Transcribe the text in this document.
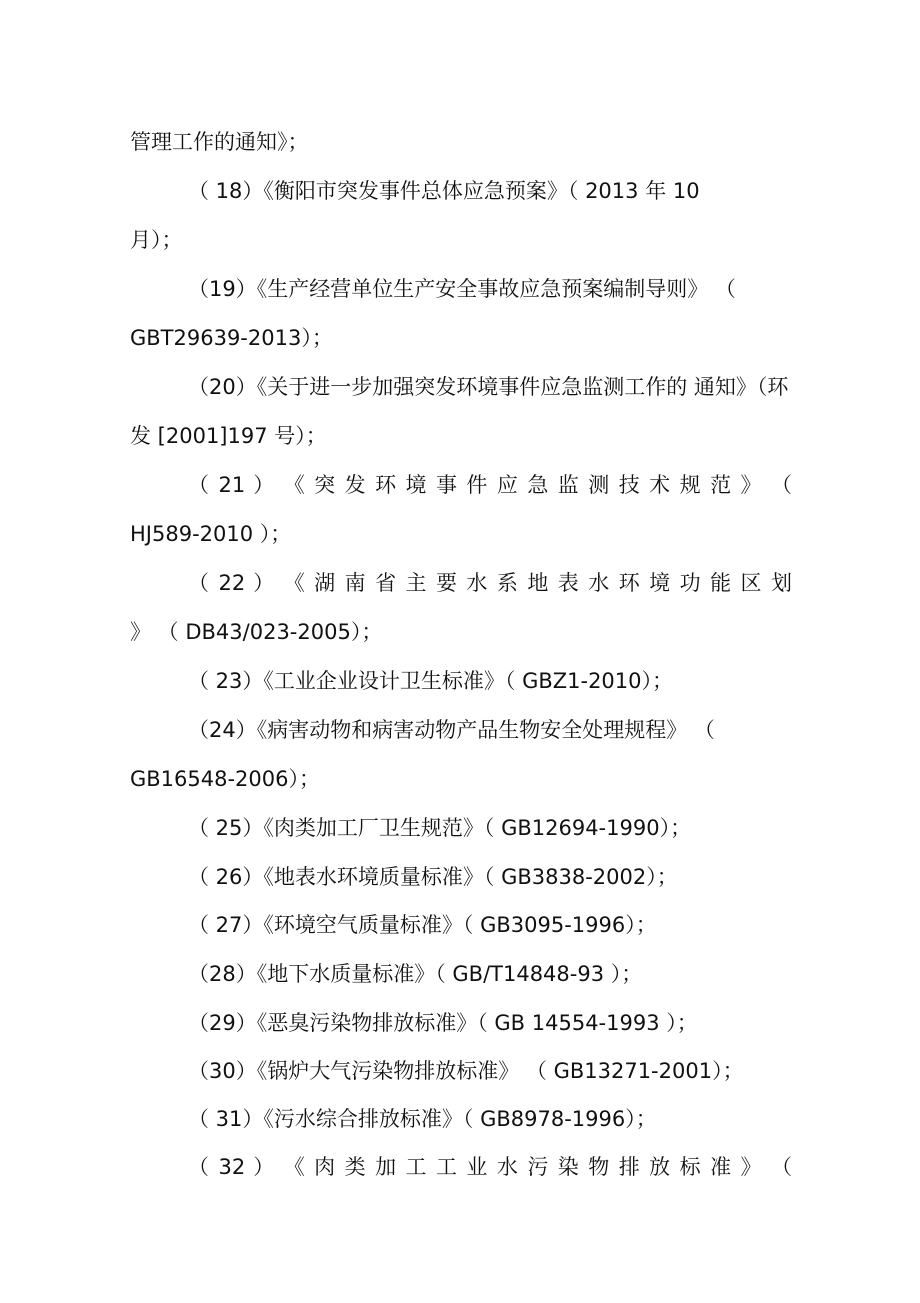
管理工作的通知》；
（ 18）《衡阳市突发事件总体应急预案》（ 2013 年 10
月）；
（19）《生产经营单位生产安全事故应急预案编制导则》 （
GBT29639-2013）；
（20）《关于进一步加强突发环境事件应急监测工作的 通知》（环
发 [2001]197 号）；
（ 21 ） 《 突 发 环 境 事 件 应 急 监 测 技 术 规 范 》 （
HJ589-2010 ）；
（ 22 ） 《 湖 南 省 主 要 水 系 地 表 水 环 境 功 能 区 划
》 （ DB43/023-2005）；
（ 23）《工业企业设计卫生标准》（ GBZ1-2010）；
（24）《病害动物和病害动物产品生物安全处理规程》 （
GB16548-2006）；
（ 25）《肉类加工厂卫生规范》（ GB12694-1990）；
（ 26）《地表水环境质量标准》（ GB3838-2002）；
（ 27）《环境空气质量标准》（ GB3095-1996）；
（28）《地下水质量标准》（ GB/T14848-93 ）；
（29）《恶臭污染物排放标准》（ GB 14554-1993 ）；
（30）《锅炉大气污染物排放标准》 （ GB13271-2001）；
（ 31）《污水综合排放标准》（ GB8978-1996）；
（ 32 ） 《 肉 类 加 工 工 业 水 污 染 物 排 放 标 准 》 （
